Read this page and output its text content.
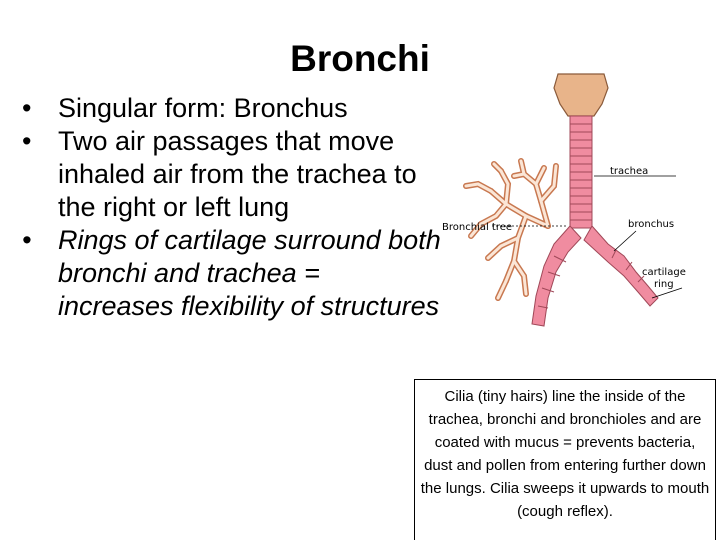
Bronchi
• Singular form: Bronchus
• Two air passages that move inhaled air from the trachea to the right or left lung
• Rings of cartilage surround both bronchi and trachea = increases flexibility of structures
trachea
Bronchial tree	bronchus
cartilage
ring
Cilia (tiny hairs) line the inside of the trachea, bronchi and bronchioles and are coated with mucus = prevents bacteria, dust and pollen from entering further down the lungs. Cilia sweeps it upwards to mouth (cough reflex).
